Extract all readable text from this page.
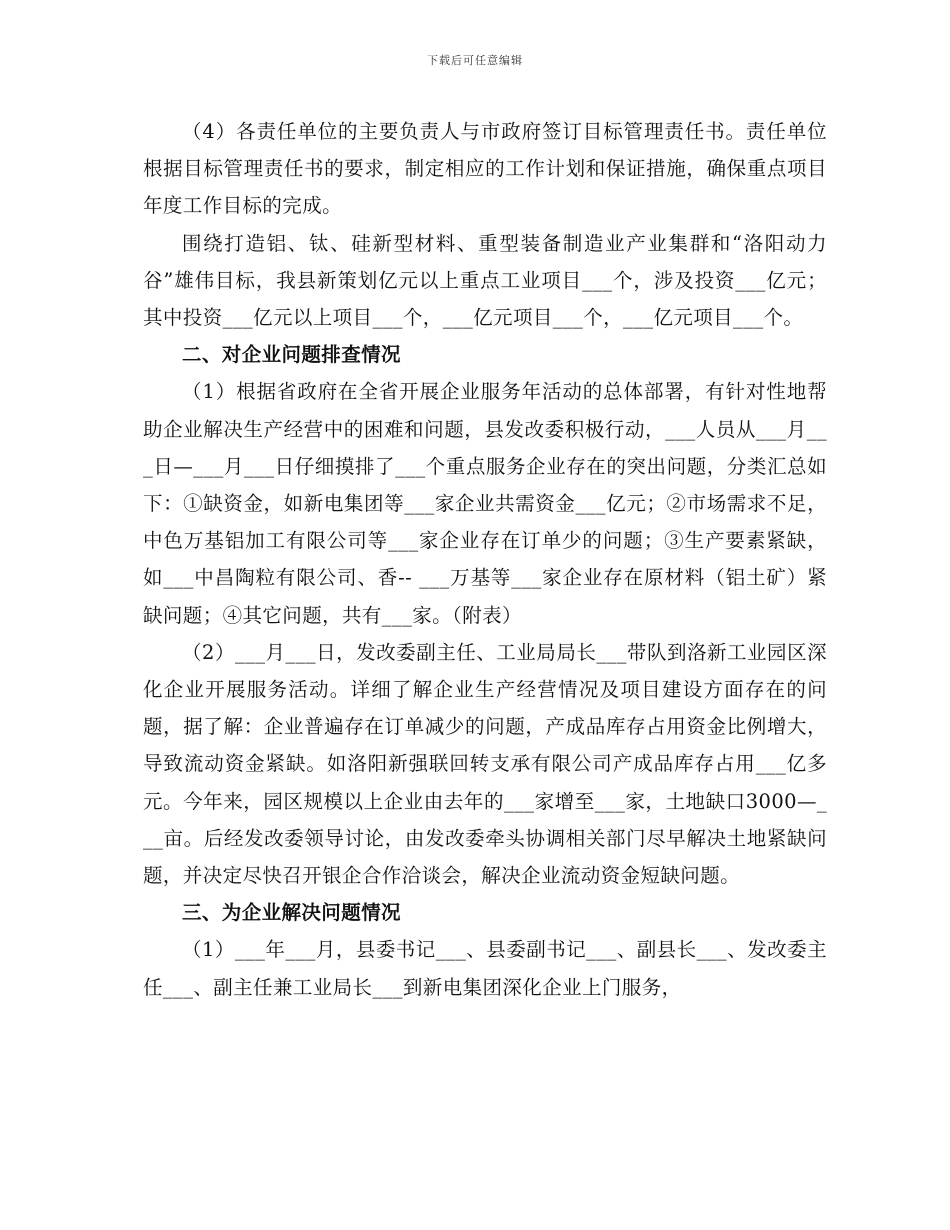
下载后可任意编辑

（4）各责任单位的主要负责人与市政府签订目标管理责任书。责任单位根据目标管理责任书的要求，制定相应的工作计划和保证措施，确保重点项目年度工作目标的完成。

围绕打造铝、钛、硅新型材料、重型装备制造业产业集群和“洛阳动力谷”雄伟目标，我县新策划亿元以上重点工业项目___个，涉及投资___亿元；其中投资___亿元以上项目___个，___亿元项目___个，___亿元项目___个。

二、对企业问题排查情况

（1）根据省政府在全省开展企业服务年活动的总体部署，有针对性地帮助企业解决生产经营中的困难和问题，县发改委积极行动，___人员从___月___日—___月___日仔细摸排了___个重点服务企业存在的突出问题，分类汇总如下：①缺资金，如新电集团等___家企业共需资金___亿元；②市场需求不足，中色万基铝加工有限公司等___家企业存在订单少的问题；③生产要素紧缺，如___中昌陶粒有限公司、香-- ___万基等___家企业存在原材料（铝土矿）紧缺问题；④其它问题，共有___家。（附表）

（2）___月___日，发改委副主任、工业局局长___带队到洛新工业园区深化企业开展服务活动。详细了解企业生产经营情况及项目建设方面存在的问题，据了解：企业普遍存在订单减少的问题，产成品库存占用资金比例增大，导致流动资金紧缺。如洛阳新强联回转支承有限公司产成品库存占用___亿多元。今年来，园区规模以上企业由去年的___家增至___家，土地缺口3000—___亩。后经发改委领导讨论，由发改委牵头协调相关部门尽早解决土地紧缺问题，并决定尽快召开银企合作洽谈会，解决企业流动资金短缺问题。

三、为企业解决问题情况

（1）___年___月，县委书记___、县委副书记___、副县长___、发改委主任___、副主任兼工业局长___到新电集团深化企业上门服务，
